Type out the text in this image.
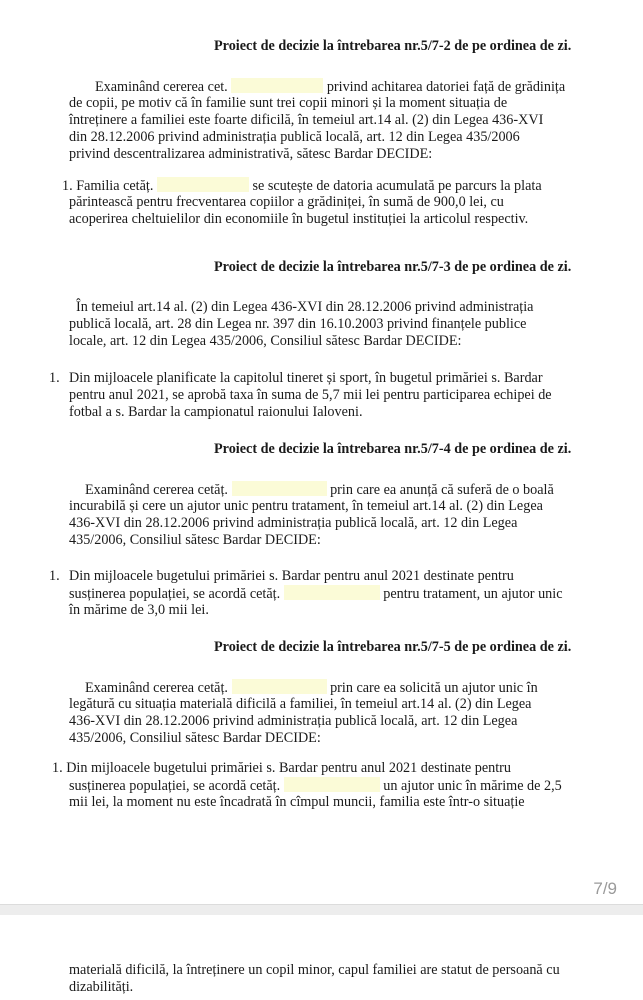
Proiect de decizie la întrebarea nr.5/7-2 de pe ordinea de zi.

Examinând cererea cet.	privind achitarea datoriei față de grădinița

de copii, pe motiv că în familie sunt trei copii minori și la moment situația de

întreținere a familiei este foarte dificilă, în temeiul art.14 al. (2) din Legea 436-XVI

din 28.12.2006 privind administrația publică locală, art. 12 din Legea 435/2006

privind descentralizarea administrativă, sătesc Bardar DECIDE:

1. Familia cetăț.	se scutește de datoria acumulată pe parcurs la plata

părintească pentru frecventarea copiilor a grădiniței, în sumă de 900,0 lei, cu

acoperirea cheltuielilor din economiile în bugetul instituției la articolul respectiv.

Proiect de decizie la întrebarea nr.5/7-3 de pe ordinea de zi.

În temeiul art.14 al. (2) din Legea 436-XVI din 28.12.2006 privind administrația

publică locală, art. 28 din Legea nr. 397 din 16.10.2003 privind finanțele publice

locale, art. 12 din Legea 435/2006, Consiliul sătesc Bardar DECIDE:

1. Din mijloacele planificate la capitolul tineret și sport, în bugetul primăriei s. Bardar

pentru anul 2021, se aprobă taxa în suma de 5,7 mii lei pentru participarea echipei de

fotbal a s. Bardar la campionatul raionului Ialoveni.

Proiect de decizie la întrebarea nr.5/7-4 de pe ordinea de zi.

Examinând cererea cetăț.	prin care ea anunță că suferă de o boală

incurabilă și cere un ajutor unic pentru tratament, în temeiul art.14 al. (2) din Legea

436-XVI din 28.12.2006 privind administrația publică locală, art. 12 din Legea

435/2006, Consiliul sătesc Bardar DECIDE:

1. Din mijloacele bugetului primăriei s. Bardar pentru anul 2021 destinate pentru

susținerea populației, se acordă cetăț.	pentru tratament, un ajutor unic

în mărime de 3,0 mii lei.

Proiect de decizie la întrebarea nr.5/7-5 de pe ordinea de zi.

Examinând cererea cetăț.	prin care ea solicită un ajutor unic în

legătură cu situația materială dificilă a familiei, în temeiul art.14 al. (2) din Legea

436-XVI din 28.12.2006 privind administrația publică locală, art. 12 din Legea

435/2006, Consiliul sătesc Bardar DECIDE:

1. Din mijloacele bugetului primăriei s. Bardar pentru anul 2021 destinate pentru

susținerea populației, se acordă cetăț.	un ajutor unic în mărime de 2,5

mii lei, la moment nu este încadrată în cîmpul muncii, familia este într-o situație

7/9

materială dificilă, la întreținere un copil minor, capul familiei are statut de persoană cu

dizabilități.
